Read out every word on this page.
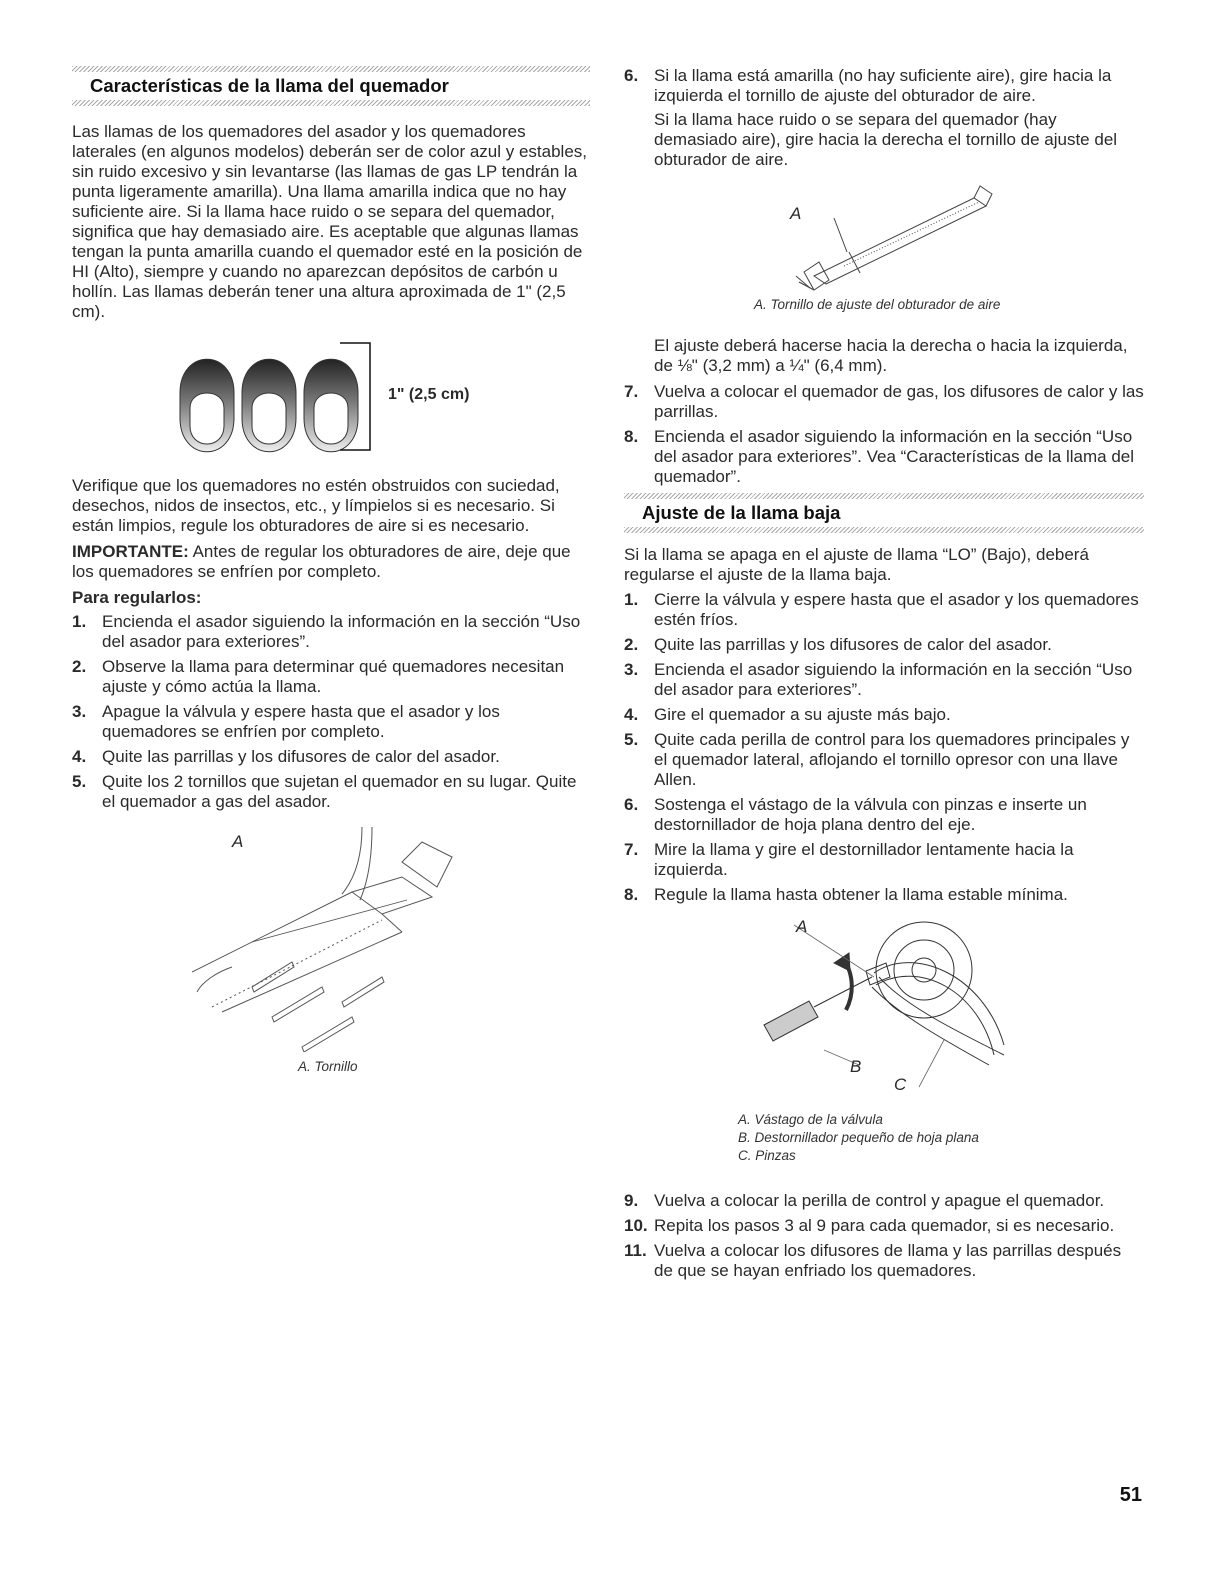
Características de la llama del quemador

Las llamas de los quemadores del asador y los quemadores laterales (en algunos modelos) deberán ser de color azul y estables, sin ruido excesivo y sin levantarse (las llamas de gas LP tendrán la punta ligeramente amarilla). Una llama amarilla indica que no hay suficiente aire. Si la llama hace ruido o se separa del quemador, significa que hay demasiado aire. Es aceptable que algunas llamas tengan la punta amarilla cuando el quemador esté en la posición de HI (Alto), siempre y cuando no aparezcan depósitos de carbón u hollín. Las llamas deberán tener una altura aproximada de 1" (2,5 cm).

1" (2,5 cm)

Verifique que los quemadores no estén obstruidos con suciedad, desechos, nidos de insectos, etc., y límpielos si es necesario. Si están limpios, regule los obturadores de aire si es necesario.

IMPORTANTE: Antes de regular los obturadores de aire, deje que los quemadores se enfríen por completo.

Para regularlos:

1. Encienda el asador siguiendo la información en la sección “Uso del asador para exteriores”.
2. Observe la llama para determinar qué quemadores necesitan ajuste y cómo actúa la llama.
3. Apague la válvula y espere hasta que el asador y los quemadores se enfríen por completo.
4. Quite las parrillas y los difusores de calor del asador.
5. Quite los 2 tornillos que sujetan el quemador en su lugar. Quite el quemador a gas del asador.
A
A. Tornillo
6. Si la llama está amarilla (no hay suficiente aire), gire hacia la izquierda el tornillo de ajuste del obturador de aire.

Si la llama hace ruido o se separa del quemador (hay demasiado aire), gire hacia la derecha el tornillo de ajuste del obturador de aire.

A
A. Tornillo de ajuste del obturador de aire

El ajuste deberá hacerse hacia la derecha o hacia la izquierda, de ⅛" (3,2 mm) a ¼" (6,4 mm).

7. Vuelva a colocar el quemador de gas, los difusores de calor y las parrillas.
8. Encienda el asador siguiendo la información en la sección “Uso del asador para exteriores”. Vea “Características de la llama del quemador”.
Ajuste de la llama baja

Si la llama se apaga en el ajuste de llama “LO” (Bajo), deberá regularse el ajuste de la llama baja.

1. Cierre la válvula y espere hasta que el asador y los quemadores estén fríos.
2. Quite las parrillas y los difusores de calor del asador.
3. Encienda el asador siguiendo la información en la sección “Uso del asador para exteriores”.
4. Gire el quemador a su ajuste más bajo.
5. Quite cada perilla de control para los quemadores principales y el quemador lateral, aflojando el tornillo opresor con una llave Allen.
6. Sostenga el vástago de la válvula con pinzas e inserte un destornillador de hoja plana dentro del eje.
7. Mire la llama y gire el destornillador lentamente hacia la izquierda.
8. Regule la llama hasta obtener la llama estable mínima.
A
B
C
A. Vástago de la válvula
B. Destornillador pequeño de hoja plana
C. Pinzas
9. Vuelva a colocar la perilla de control y apague el quemador.
10. Repita los pasos 3 al 9 para cada quemador, si es necesario.
11. Vuelva a colocar los difusores de llama y las parrillas después de que se hayan enfriado los quemadores.
51
